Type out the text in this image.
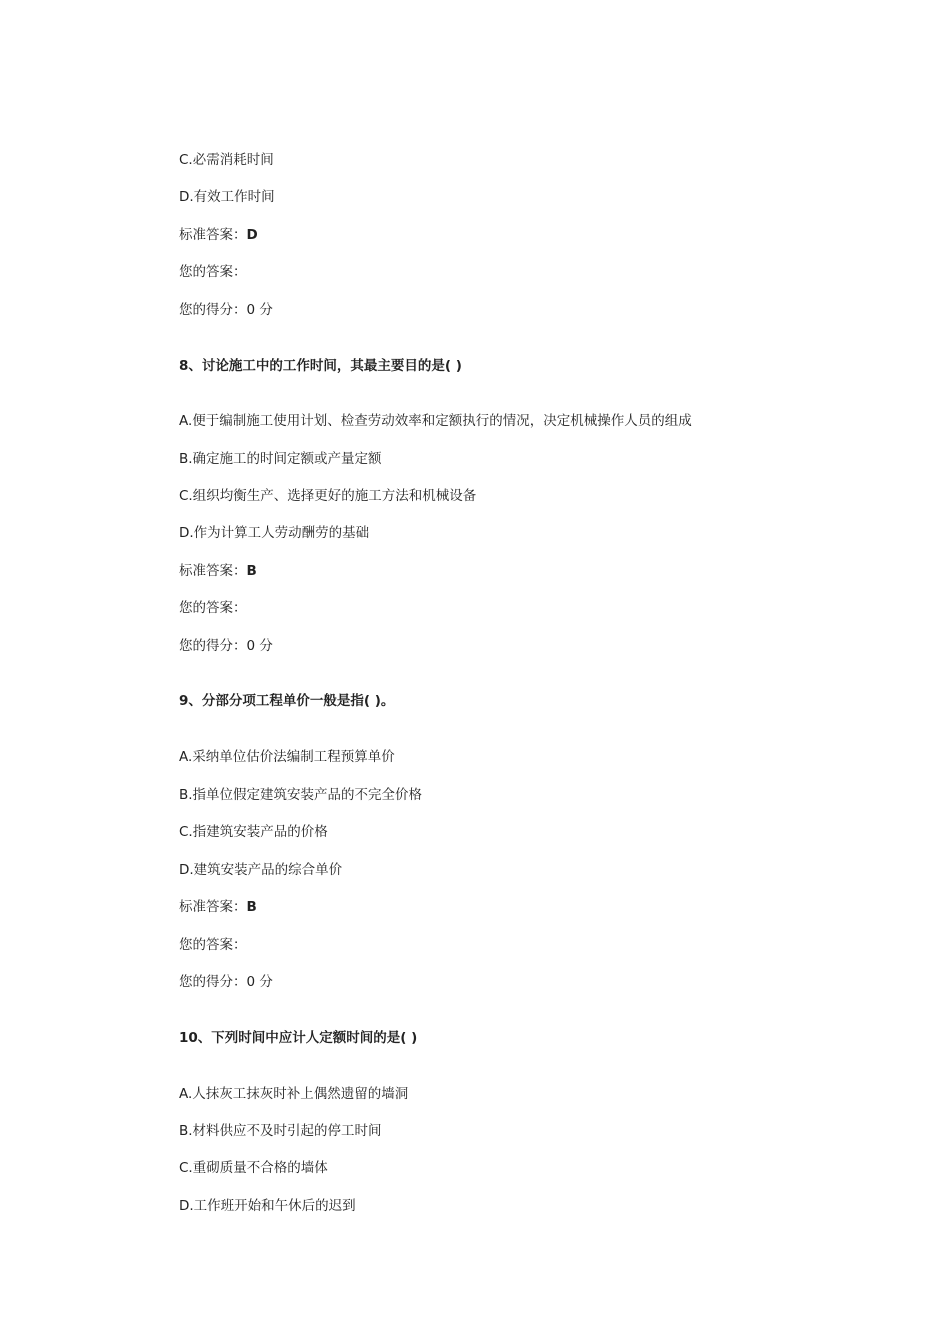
C.必需消耗时间
D.有效工作时间
标准答案：D
您的答案：
您的得分：0 分
8、讨论施工中的工作时间，其最主要目的是( )
A.便于编制施工使用计划、检查劳动效率和定额执行的情况，决定机械操作人员的组成
B.确定施工的时间定额或产量定额
C.组织均衡生产、选择更好的施工方法和机械设备
D.作为计算工人劳动酬劳的基础
标准答案：B
您的答案：
您的得分：0 分
9、分部分项工程单价一般是指( )。
A.采纳单位估价法编制工程预算单价
B.指单位假定建筑安装产品的不完全价格
C.指建筑安装产品的价格
D.建筑安装产品的综合单价
标准答案：B
您的答案：
您的得分：0 分
10、下列时间中应计人定额时间的是( )
A.人抹灰工抹灰时补上偶然遗留的墙洞
B.材料供应不及时引起的停工时间
C.重砌质量不合格的墙体
D.工作班开始和午休后的迟到
